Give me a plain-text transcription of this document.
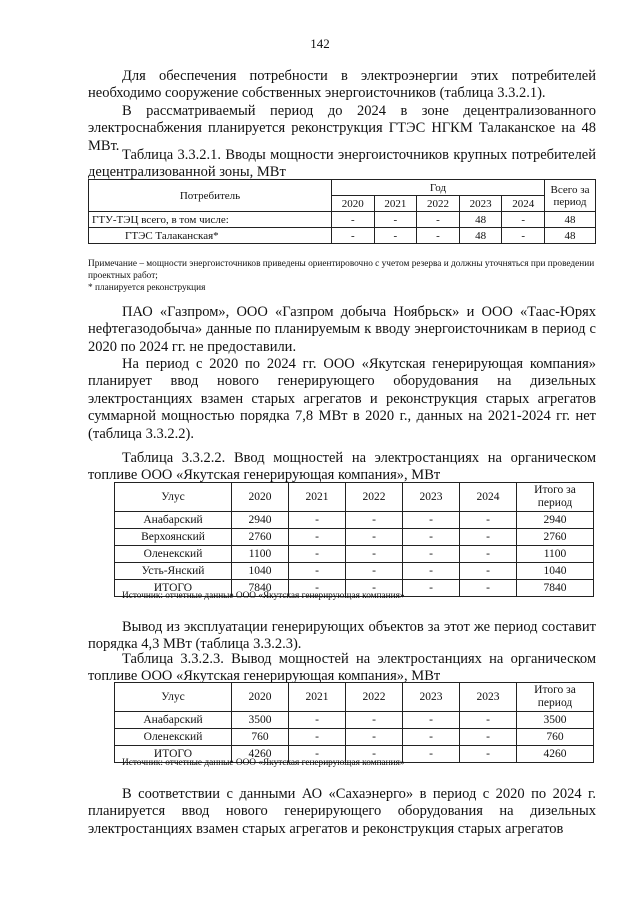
142

Для обеспечения потребности в электроэнергии этих потребителей необходимо сооружение собственных энергоисточников (таблица 3.3.2.1).

В рассматриваемый период до 2024 в зоне децентрализованного электроснабжения планируется реконструкция ГТЭС НГКМ Талаканское на 48 МВт.

Таблица 3.3.2.1. Вводы мощности энергоисточников крупных потребителей децентрализованной зоны, МВт

Потребитель	Год					Всего за период
	2020	2021	2022	2023	2024	
ГТУ-ТЭЦ всего, в том числе:	-	-	-	48	-	48
ГТЭС Талаканская*	-	-	-	48	-	48

Примечание – мощности энергоисточников приведены ориентировочно с учетом резерва и должны уточняться при проведении проектных работ;

* планируется реконструкция

ПАО «Газпром», ООО «Газпром добыча Ноябрьск» и ООО «Таас-Юрях нефтегазодобыча» данные по планируемым к вводу энергоисточникам в период с 2020 по 2024 гг. не предоставили.

На период с 2020 по 2024 гг. ООО «Якутская генерирующая компания» планирует ввод нового генерирующего оборудования на дизельных электростанциях взамен старых агрегатов и реконструкция старых агрегатов суммарной мощностью порядка 7,8 МВт в 2020 г., данных на 2021-2024 гг. нет (таблица 3.3.2.2).

Таблица 3.3.2.2. Ввод мощностей на электростанциях на органическом топливе ООО «Якутская генерирующая компания», МВт

Улус	2020	2021	2022	2023	2024	Итого за период
Анабарский	2940	-	-	-	-	2940
Верхоянский	2760	-	-	-	-	2760
Оленекский	1100	-	-	-	-	1100
Усть-Янский	1040	-	-	-	-	1040
ИТОГО	7840	-	-	-	-	7840

Источник: отчетные данные ООО «Якутская генерирующая компания»

Вывод из эксплуатации генерирующих объектов за этот же период составит порядка 4,3 МВт (таблица 3.3.2.3).

Таблица 3.3.2.3. Вывод мощностей на электростанциях на органическом топливе ООО «Якутская генерирующая компания», МВт

Улус	2020	2021	2022	2023	2023	Итого за период
Анабарский	3500	-	-	-	-	3500
Оленекский	760	-	-	-	-	760
ИТОГО	4260	-	-	-	-	4260

Источник: отчетные данные ООО «Якутская генерирующая компания»

В соответствии с данными АО «Сахаэнерго» в период с 2020 по 2024 г. планируется ввод нового генерирующего оборудования на дизельных электростанциях взамен старых агрегатов и реконструкция старых агрегатов
